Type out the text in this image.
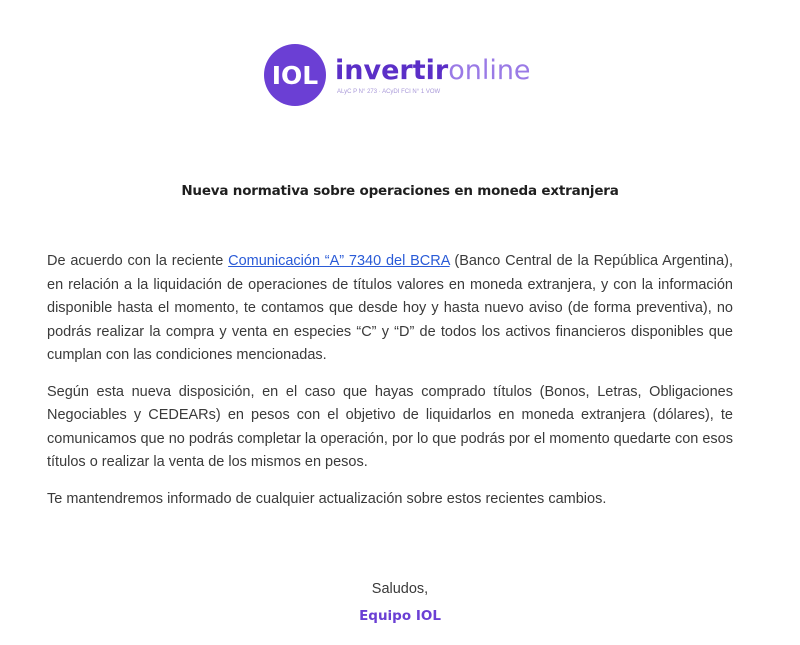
IOL invertironline
ALyC P N° 273 · ACyDI FCI N° 1 VOW
Nueva normativa sobre operaciones en moneda extranjera

De acuerdo con la reciente Comunicación “A” 7340 del BCRA (Banco Central de la República Argentina), en relación a la liquidación de operaciones de títulos valores en moneda extranjera, y con la información disponible hasta el momento, te contamos que desde hoy y hasta nuevo aviso (de forma preventiva), no podrás realizar la compra y venta en especies “C” y “D” de todos los activos financieros disponibles que cumplan con las condiciones mencionadas.

Según esta nueva disposición, en el caso que hayas comprado títulos (Bonos, Letras, Obligaciones Negociables y CEDEARs) en pesos con el objetivo de liquidarlos en moneda extranjera (dólares), te comunicamos que no podrás completar la operación, por lo que podrás por el momento quedarte con esos títulos o realizar la venta de los mismos en pesos.

Te mantendremos informado de cualquier actualización sobre estos recientes cambios.

Saludos,
Equipo IOL
